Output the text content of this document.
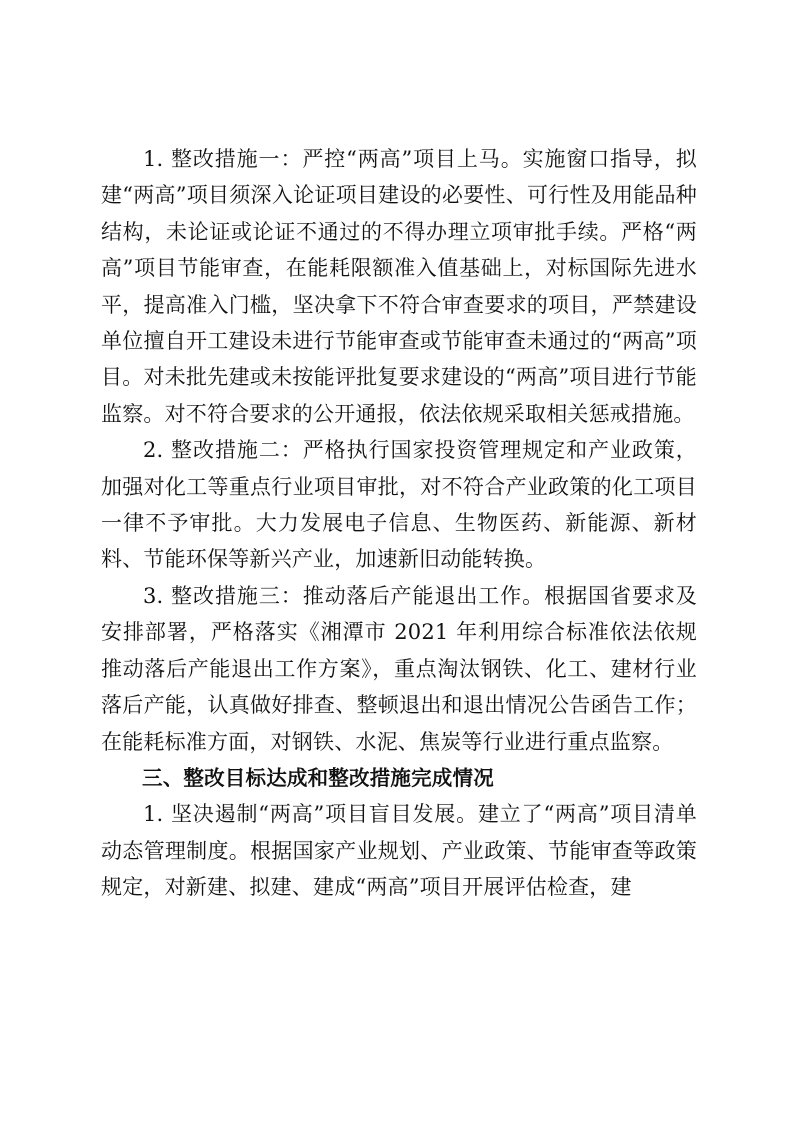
1. 整改措施一：严控“两高”项目上马。实施窗口指导，拟建“两高”项目须深入论证项目建设的必要性、可行性及用能品种结构，未论证或论证不通过的不得办理立项审批手续。严格“两高”项目节能审查，在能耗限额准入值基础上，对标国际先进水平，提高准入门槛，坚决拿下不符合审查要求的项目，严禁建设单位擅自开工建设未进行节能审查或节能审查未通过的“两高”项目。对未批先建或未按能评批复要求建设的“两高”项目进行节能监察。对不符合要求的公开通报，依法依规采取相关惩戒措施。

2. 整改措施二：严格执行国家投资管理规定和产业政策，加强对化工等重点行业项目审批，对不符合产业政策的化工项目一律不予审批。大力发展电子信息、生物医药、新能源、新材料、节能环保等新兴产业，加速新旧动能转换。

3. 整改措施三：推动落后产能退出工作。根据国省要求及安排部署，严格落实《湘潭市 2021 年利用综合标准依法依规推动落后产能退出工作方案》，重点淘汰钢铁、化工、建材行业落后产能，认真做好排查、整顿退出和退出情况公告函告工作；在能耗标准方面，对钢铁、水泥、焦炭等行业进行重点监察。

三、整改目标达成和整改措施完成情况

1. 坚决遏制“两高”项目盲目发展。建立了“两高”项目清单动态管理制度。根据国家产业规划、产业政策、节能审查等政策规定，对新建、拟建、建成“两高”项目开展评估检查，建
